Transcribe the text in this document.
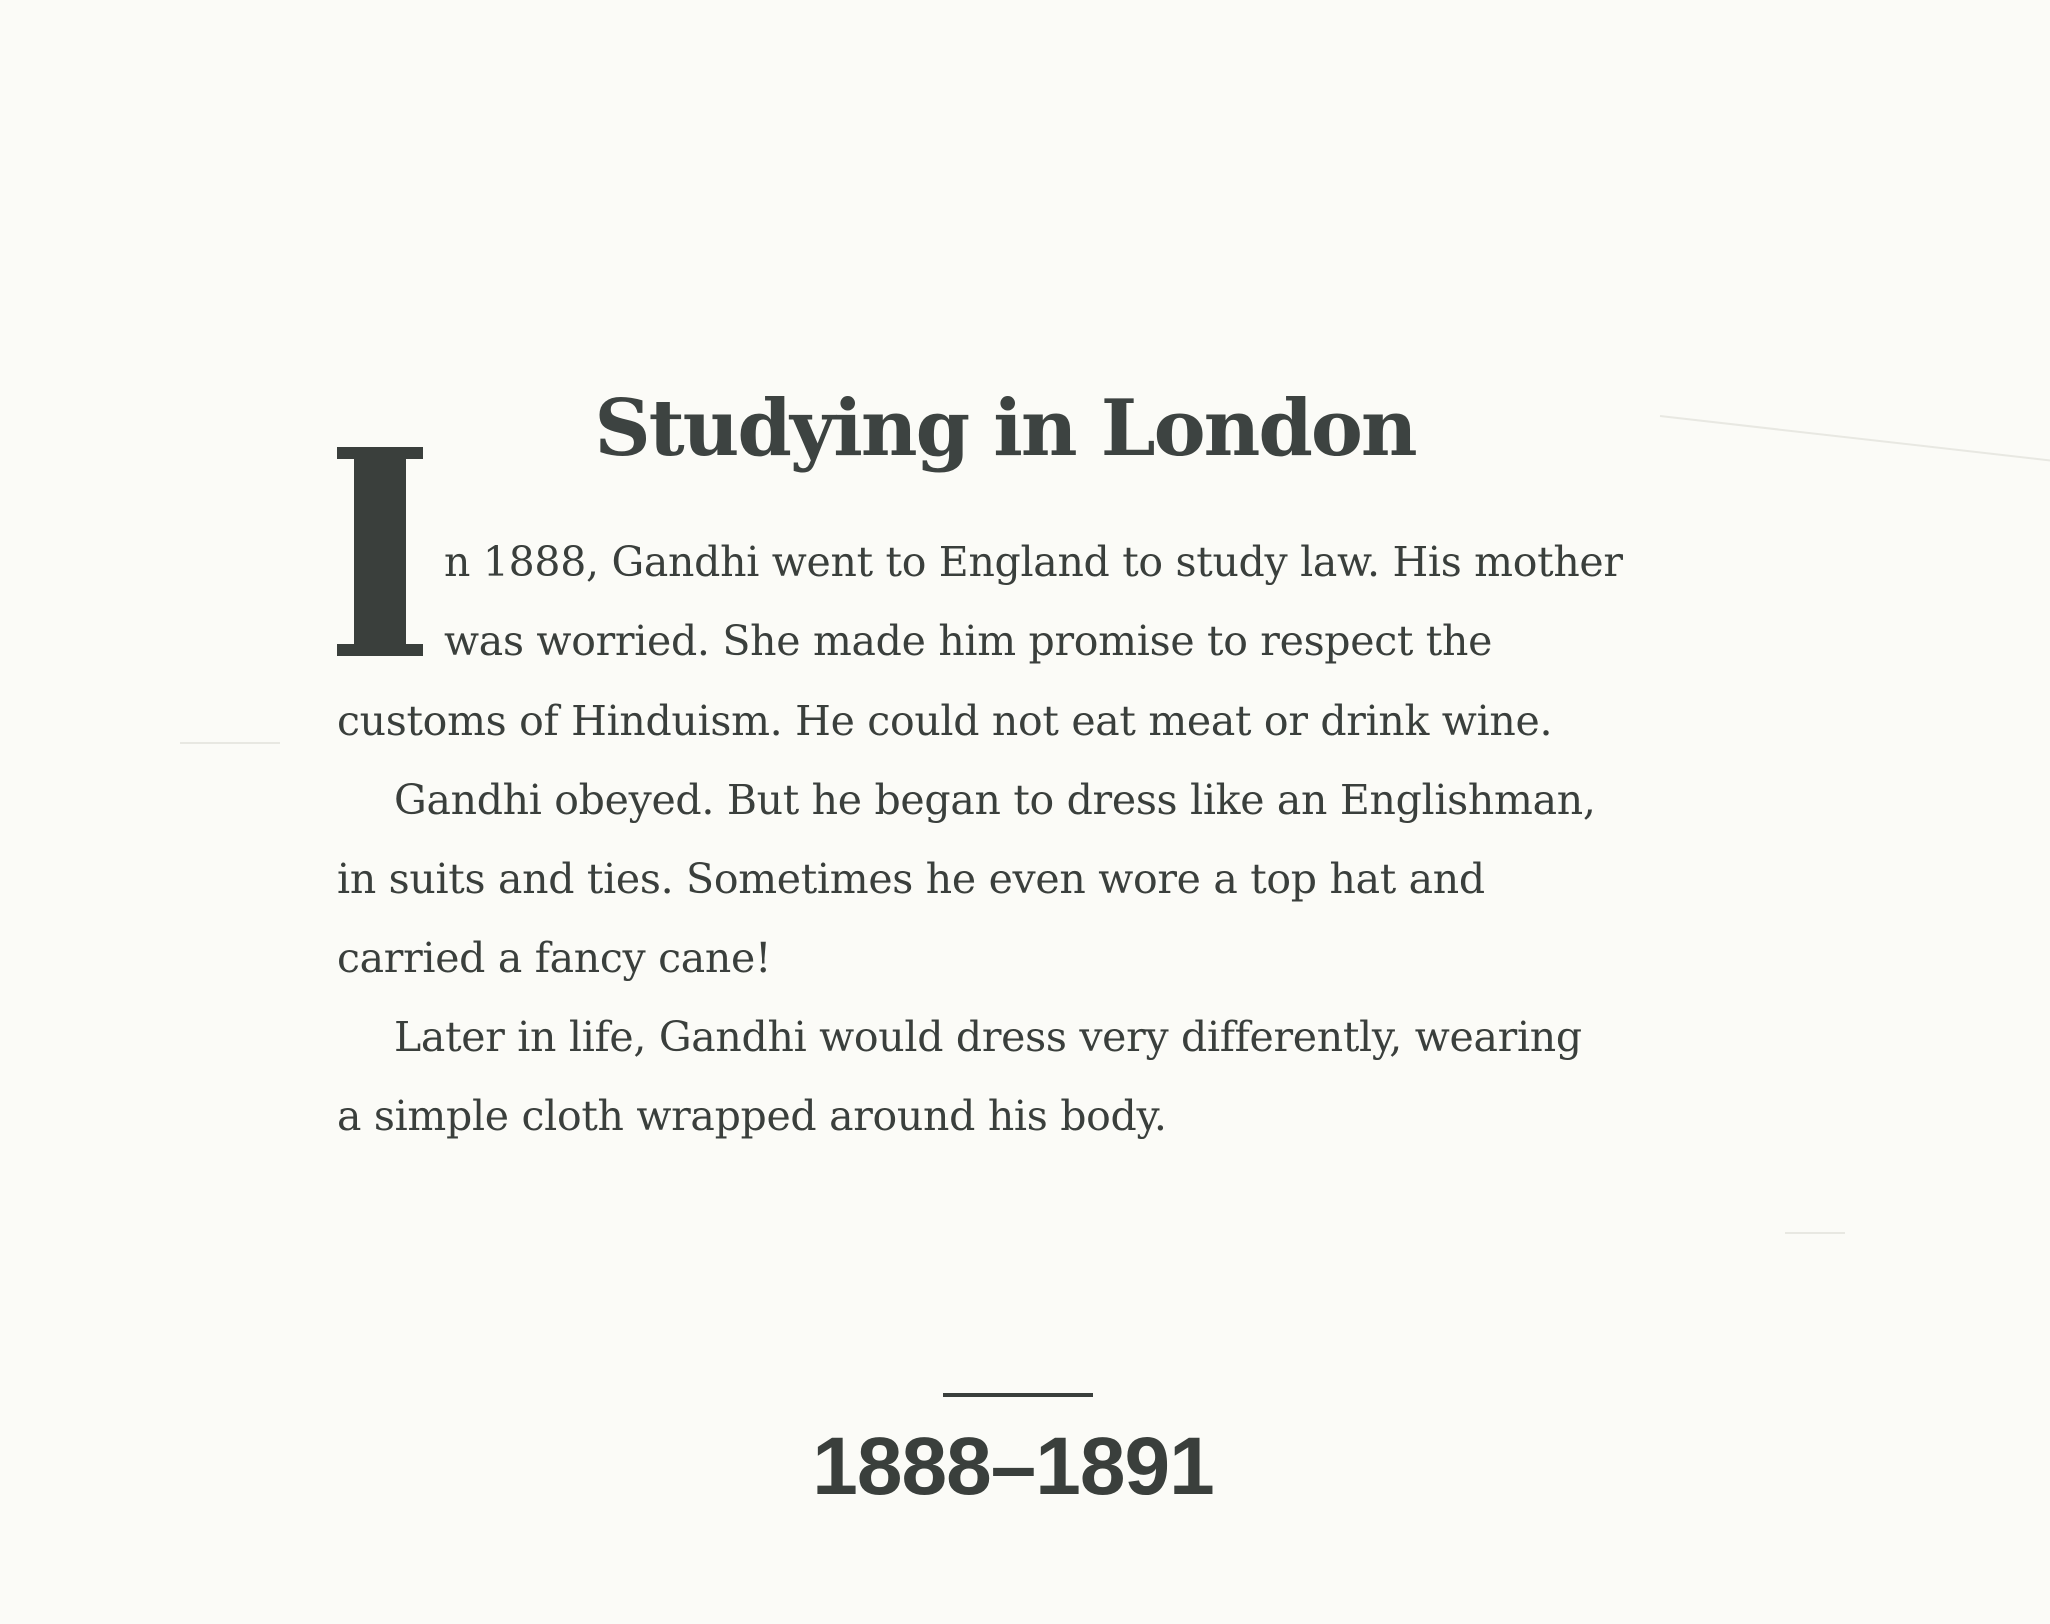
Studying in London
n 1888, Gandhi went to England to study law. His mother
was worried. She made him promise to respect the
customs of Hinduism. He could not eat meat or drink wine.
Gandhi obeyed. But he began to dress like an Englishman,
in suits and ties. Sometimes he even wore a top hat and
carried a fancy cane!
Later in life, Gandhi would dress very differently, wearing
a simple cloth wrapped around his body.
1888–1891
